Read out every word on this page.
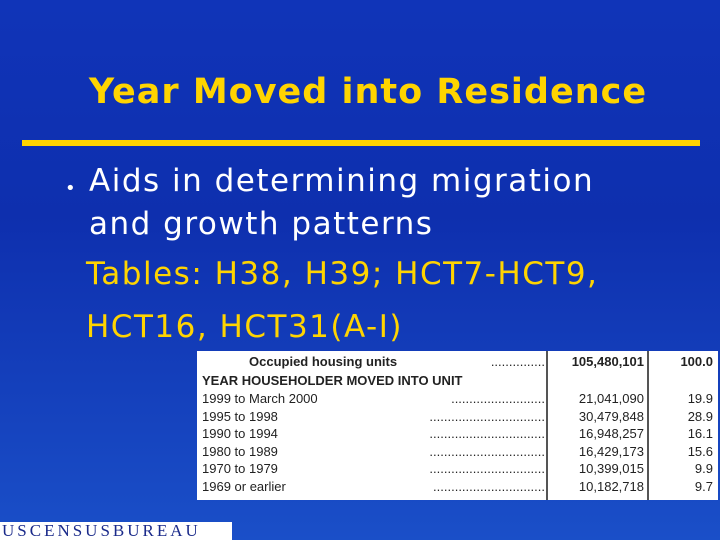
Year Moved into Residence
• Aids in determining migration
and growth patterns
Tables: H38, H39; HCT7-HCT9,
HCT16, HCT31(A-I)
...............
Occupied housing units	105,480,101	100.0
YEAR HOUSEHOLDER MOVED INTO UNIT
..........................
1999 to March 2000	21,041,090	19.9
................................
1995 to 1998	30,479,848	28.9
................................
1990 to 1994	16,948,257	16.1
................................
1980 to 1989	16,429,173	15.6
................................
1970 to 1979	10,399,015	9.9
...............................
1969 or earlier	10,182,718	9.7
USCENSUSBUREAU
